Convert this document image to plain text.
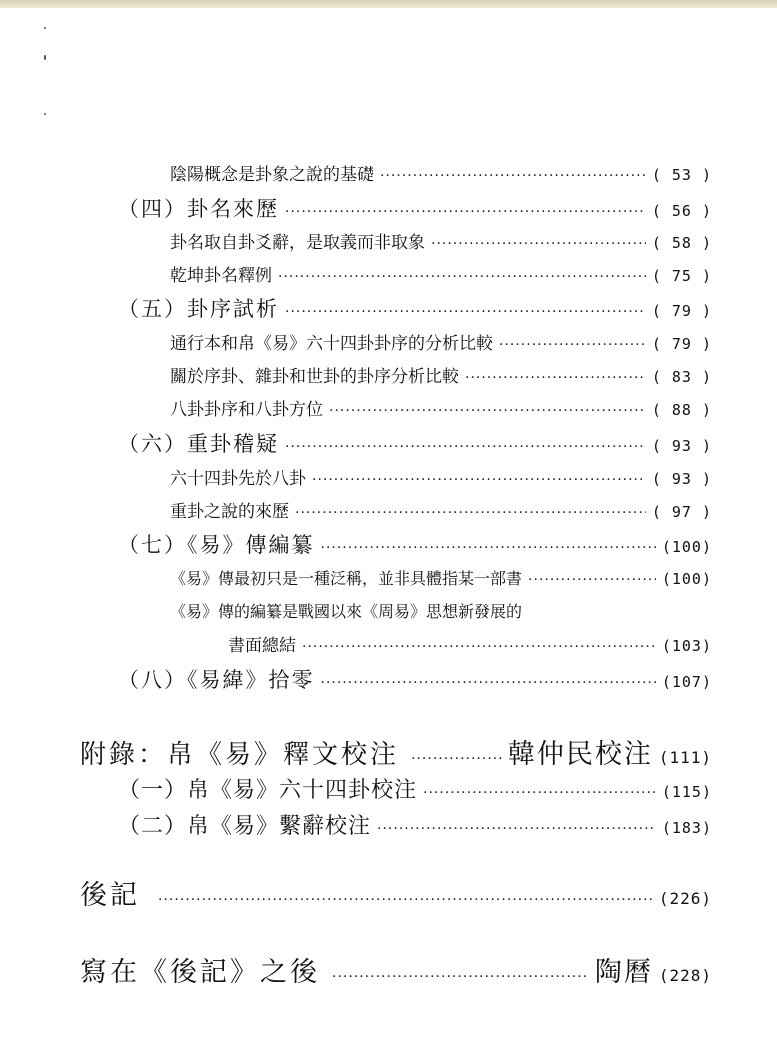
陰陽概念是卦象之說的基礎 ·····	( 53 )
（四）卦名來歷 ·····	( 56 )
卦名取自卦爻辭，是取義而非取象 ·····	( 58 )
乾坤卦名釋例 ·····	( 75 )
（五）卦序試析 ·····	( 79 )
通行本和帛《易》六十四卦卦序的分析比較 ·····	( 79 )
關於序卦、雜卦和世卦的卦序分析比較 ·····	( 83 )
八卦卦序和八卦方位 ·····	( 88 )
（六）重卦稽疑 ·····	( 93 )
六十四卦先於八卦 ·····	( 93 )
重卦之說的來歷 ·····	( 97 )
（七）《易》傳編纂 ·····	(100)
《易》傳最初只是一種泛稱，並非具體指某一部書 ·····	(100)
《易》傳的編纂是戰國以來《周易》思想新發展的
書面總結 ·····	(103)
（八）《易緯》拾零 ·····	(107)
附錄：帛《易》釋文校注 ·····	韓仲民校注 (111)
（一）帛《易》六十四卦校注 ·····	(115)
（二）帛《易》繫辭校注 ·····	(183)
後記 ·····	(226)
寫在《後記》之後 ·····	陶曆 (228)
